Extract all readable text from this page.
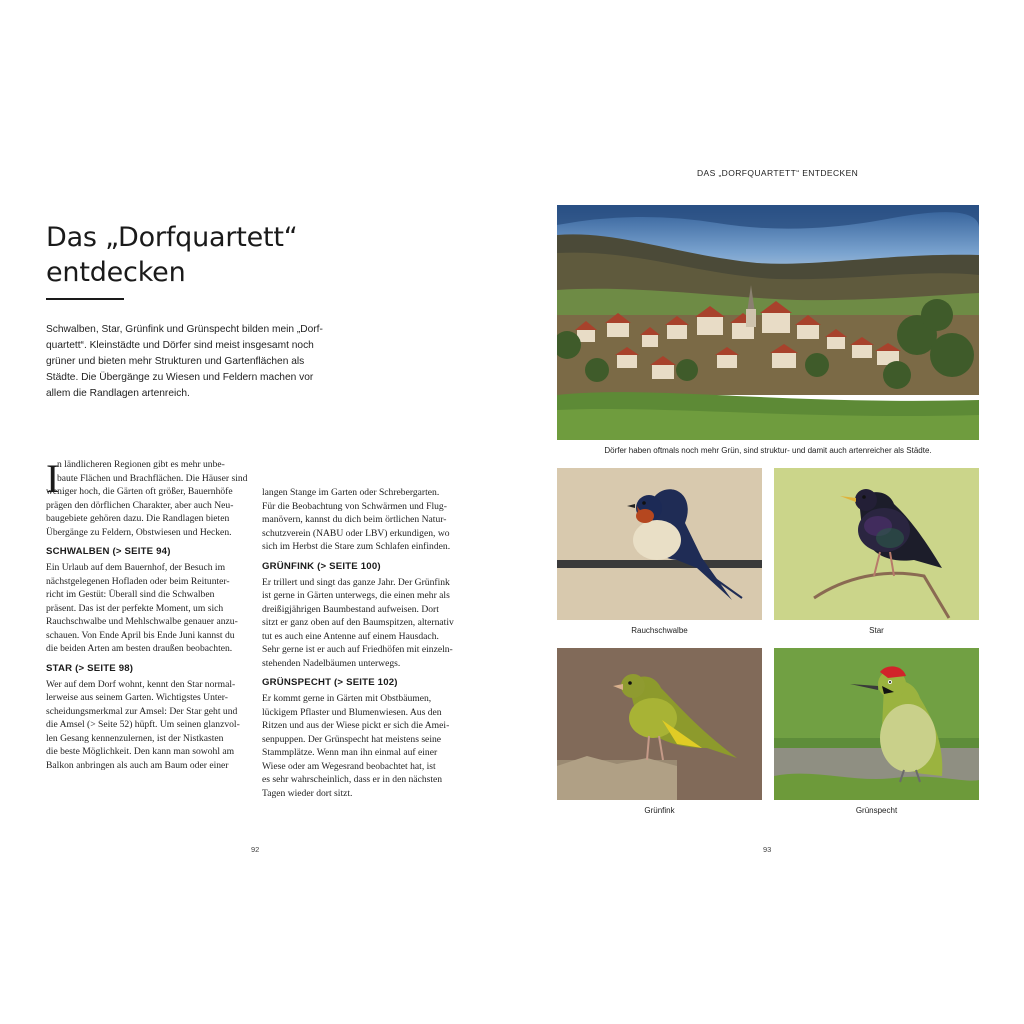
Das „Dorfquartett“
entdecken
Schwalben, Star, Grünfink und Grünspecht bilden mein „Dorf-
quartett“. Kleinstädte und Dörfer sind meist insgesamt noch
grüner und bieten mehr Strukturen und Gartenflächen als
Städte. Die Übergänge zu Wiesen und Feldern machen vor
allem die Randlagen artenreich.
I
n ländlicheren Regionen gibt es mehr unbe-
baute Flächen und Brachflächen. Die Häuser sind
weniger hoch, die Gärten oft größer, Bauernhöfe
prägen den dörflichen Charakter, aber auch Neu-
baugebiete gehören dazu. Die Randlagen bieten
Übergänge zu Feldern, Obstwiesen und Hecken.
SCHWALBEN (> SEITE 94)
Ein Urlaub auf dem Bauernhof, der Besuch im
nächstgelegenen Hofladen oder beim Reitunter-
richt im Gestüt: Überall sind die Schwalben
präsent. Das ist der perfekte Moment, um sich
Rauchschwalbe und Mehlschwalbe genauer anzu-
schauen. Von Ende April bis Ende Juni kannst du
die beiden Arten am besten draußen beobachten.
STAR (> SEITE 98)
Wer auf dem Dorf wohnt, kennt den Star normal-
lerweise aus seinem Garten. Wichtigstes Unter-
scheidungsmerkmal zur Amsel: Der Star geht und
die Amsel (> Seite 52) hüpft. Um seinen glanzvol-
len Gesang kennenzulernen, ist der Nistkasten
die beste Möglichkeit. Den kann man sowohl am
Balkon anbringen als auch am Baum oder einer
langen Stange im Garten oder Schrebergarten.
Für die Beobachtung von Schwärmen und Flug-
manövern, kannst du dich beim örtlichen Natur-
schutzverein (NABU oder LBV) erkundigen, wo
sich im Herbst die Stare zum Schlafen einfinden.
GRÜNFINK (> SEITE 100)
Er trillert und singt das ganze Jahr. Der Grünfink
ist gerne in Gärten unterwegs, die einen mehr als
dreißigjährigen Baumbestand aufweisen. Dort
sitzt er ganz oben auf den Baumspitzen, alternativ
tut es auch eine Antenne auf einem Hausdach.
Sehr gerne ist er auch auf Friedhöfen mit einzeln-
stehenden Nadelbäumen unterwegs.
GRÜNSPECHT (> SEITE 102)
Er kommt gerne in Gärten mit Obstbäumen,
lückigem Pflaster und Blumenwiesen. Aus den
Ritzen und aus der Wiese pickt er sich die Amei-
senpuppen. Der Grünspecht hat meistens seine
Stammplätze. Wenn man ihn einmal auf einer
Wiese oder am Wegesrand beobachtet hat, ist
es sehr wahrscheinlich, dass er in den nächsten
Tagen wieder dort sitzt.
92
DAS „DORFQUARTETT“ ENTDECKEN
Dörfer haben oftmals noch mehr Grün, sind struktur- und damit auch artenreicher als Städte.
Rauchschwalbe	Star
Grünfink	Grünspecht
93
